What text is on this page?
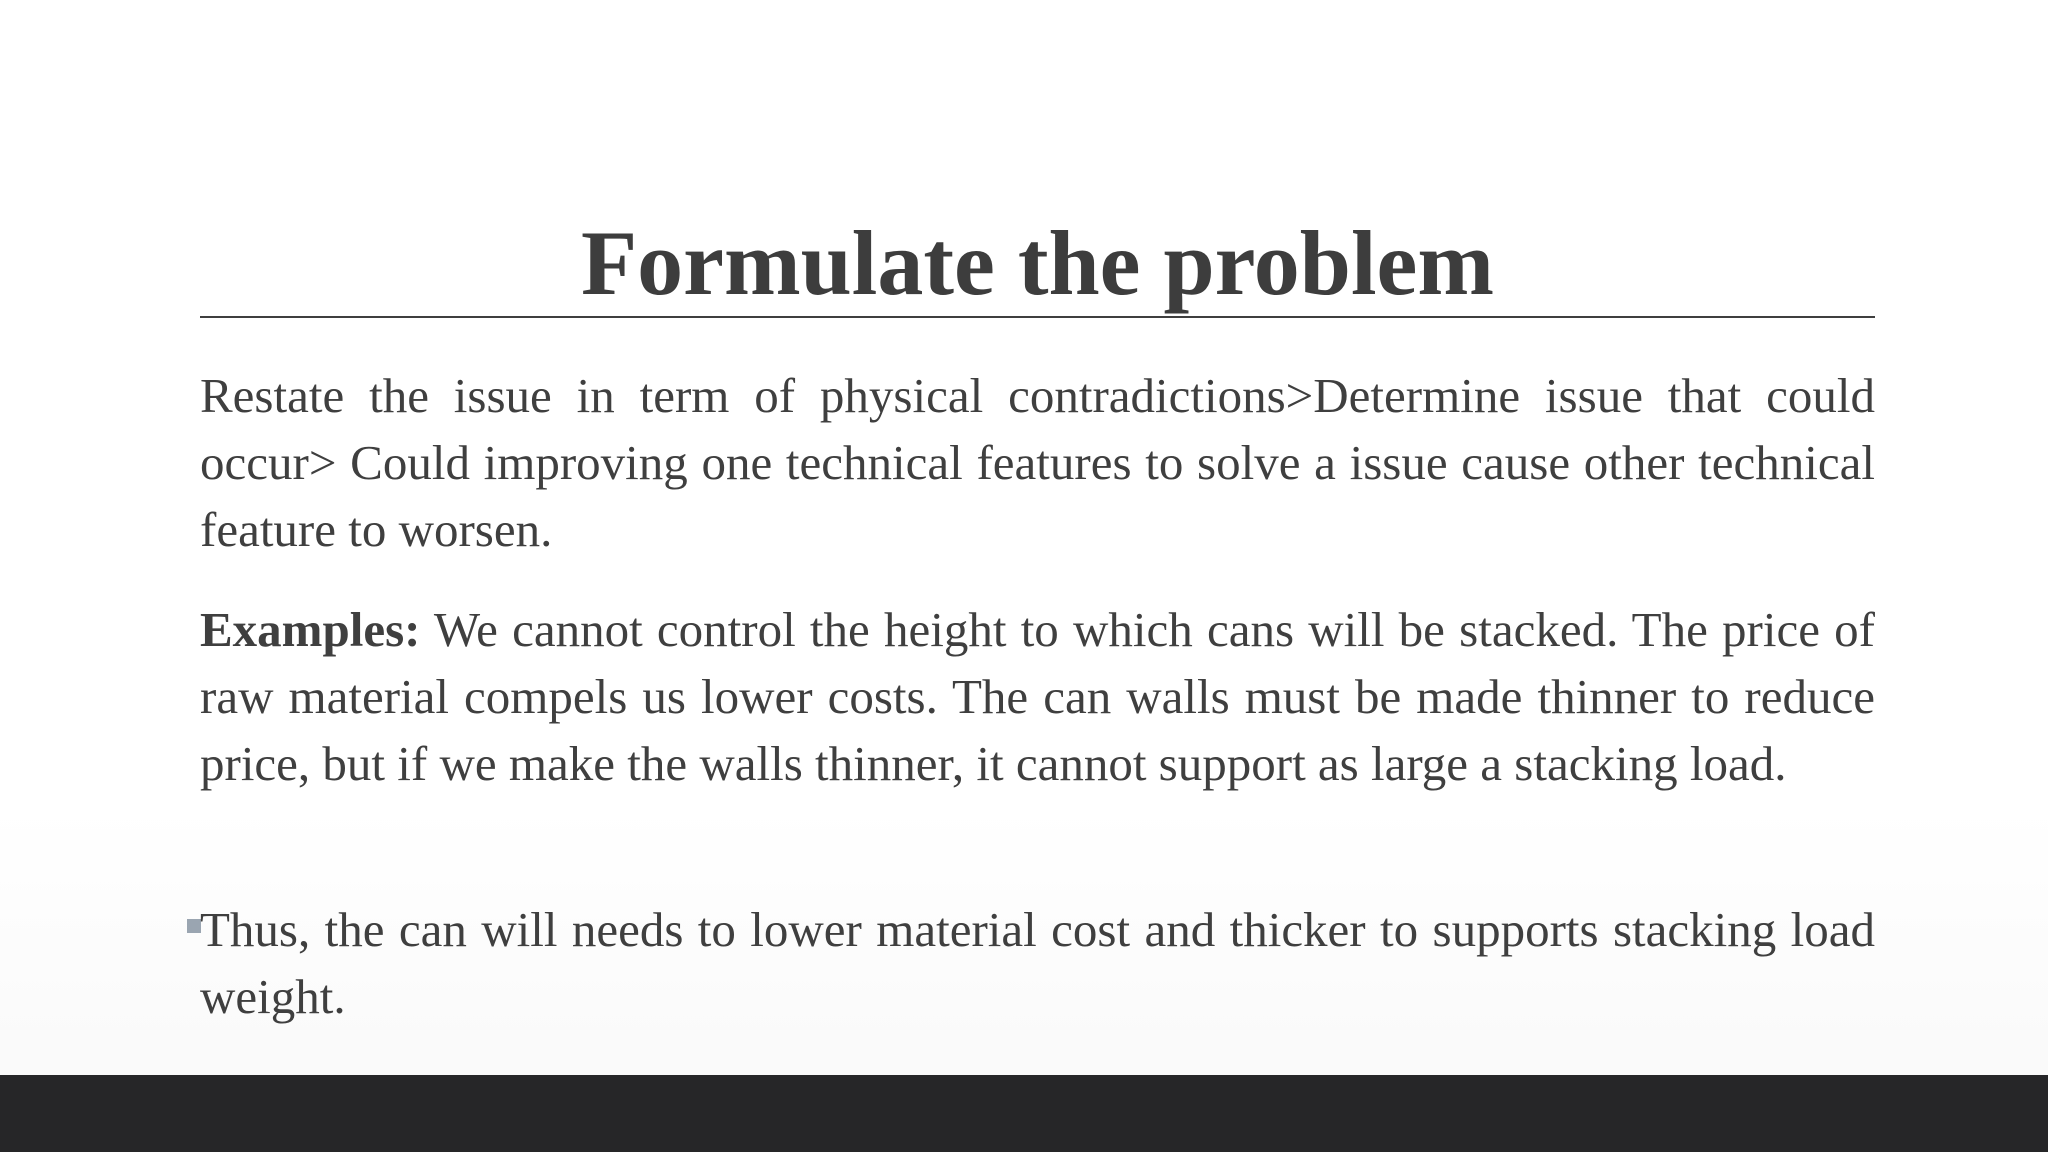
Formulate the problem

Restate the issue in term of physical contradictions>Determine issue that could occur> Could improving one technical features to solve a issue cause other technical feature to worsen.

Examples: We cannot control the height to which cans will be stacked. The price of raw material compels us lower costs. The can walls must be made thinner to reduce price, but if we make the walls thinner, it cannot support as large a stacking load.

Thus, the can will needs to lower material cost and thicker to supports stacking load weight.
